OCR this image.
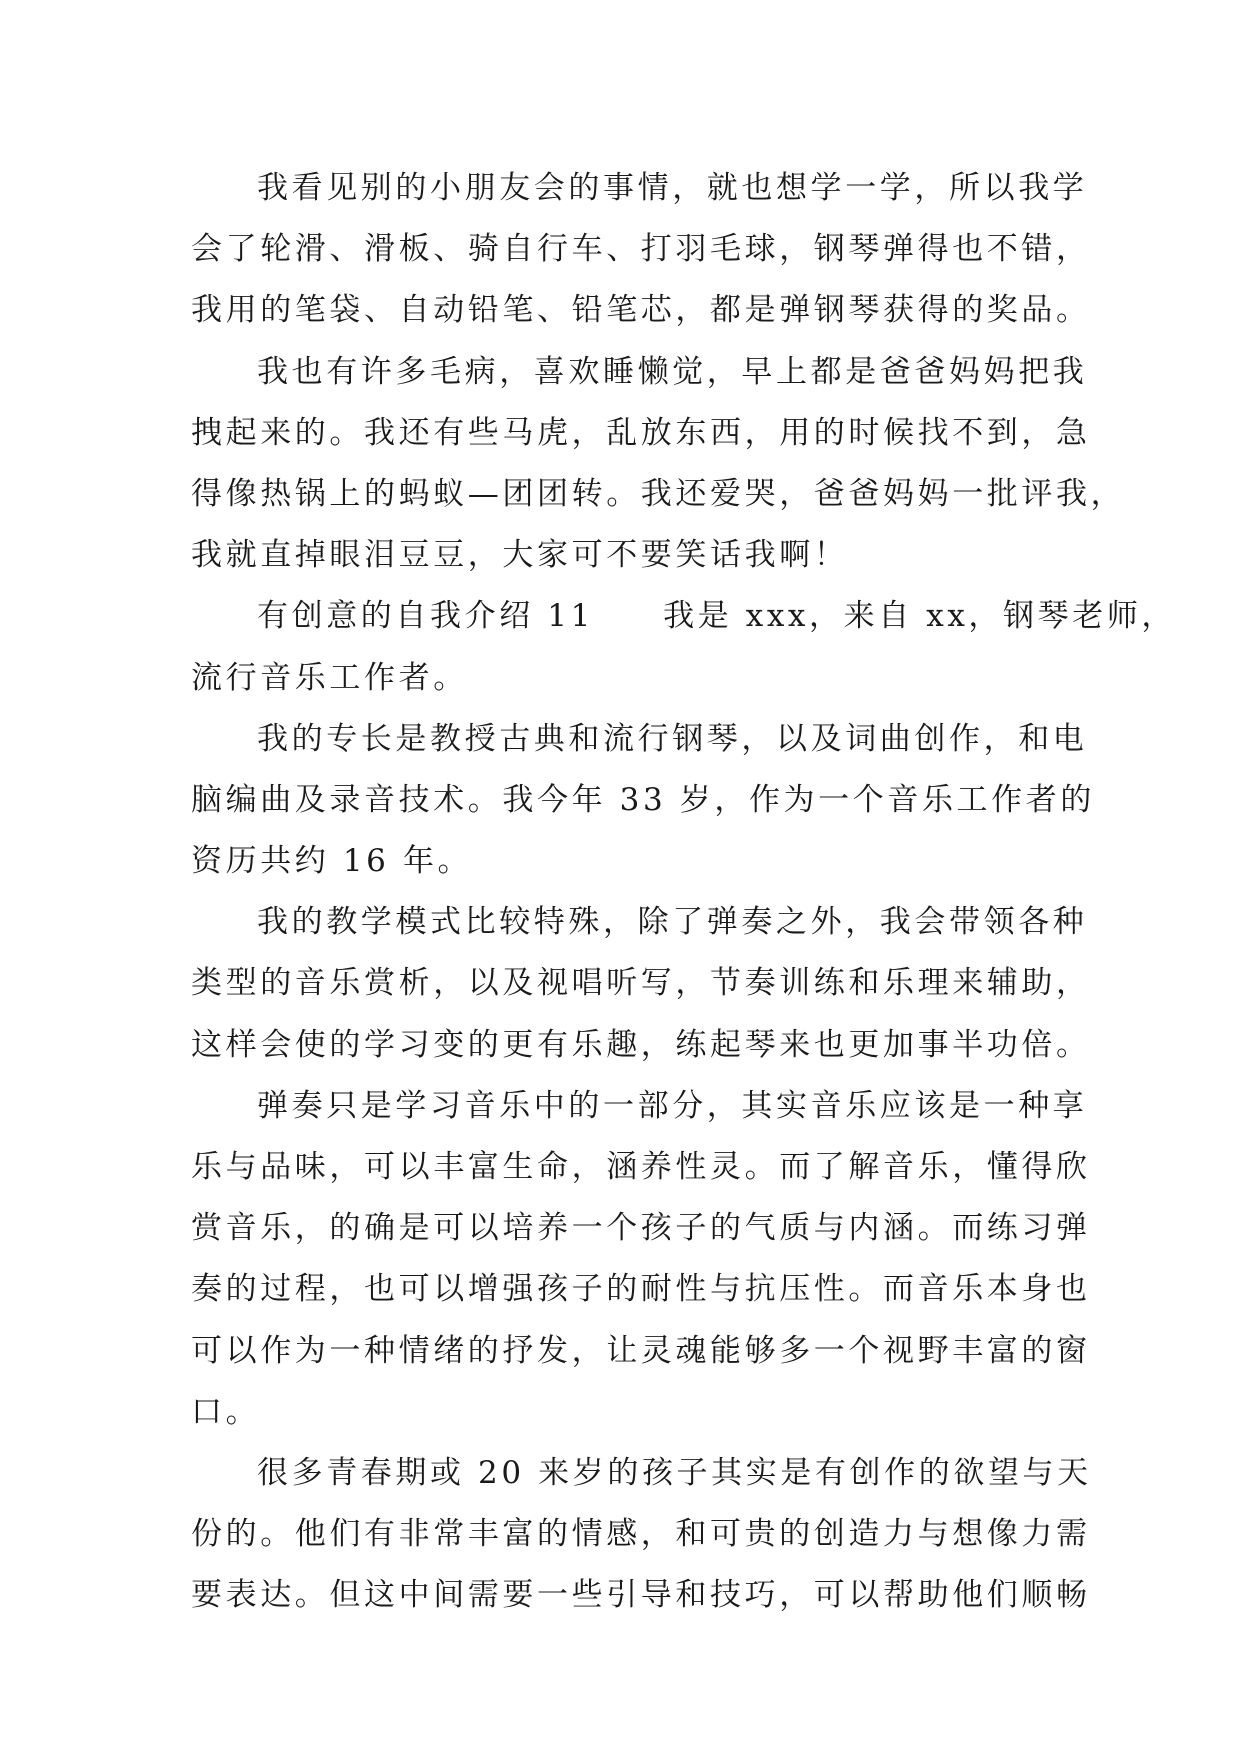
我看见别的小朋友会的事情，就也想学一学，所以我学
会了轮滑、滑板、骑自行车、打羽毛球，钢琴弹得也不错，
我用的笔袋、自动铅笔、铅笔芯，都是弹钢琴获得的奖品。
我也有许多毛病，喜欢睡懒觉，早上都是爸爸妈妈把我
拽起来的。我还有些马虎，乱放东西，用的时候找不到，急
得像热锅上的蚂蚁—团团转。我还爱哭，爸爸妈妈一批评我，
我就直掉眼泪豆豆，大家可不要笑话我啊！
有创意的自我介绍 11　　我是 xxx，来自 xx，钢琴老师，
流行音乐工作者。
我的专长是教授古典和流行钢琴，以及词曲创作，和电
脑编曲及录音技术。我今年 33 岁，作为一个音乐工作者的
资历共约 16 年。
我的教学模式比较特殊，除了弹奏之外，我会带领各种
类型的音乐赏析，以及视唱听写，节奏训练和乐理来辅助，
这样会使的学习变的更有乐趣，练起琴来也更加事半功倍。
弹奏只是学习音乐中的一部分，其实音乐应该是一种享
乐与品味，可以丰富生命，涵养性灵。而了解音乐，懂得欣
赏音乐，的确是可以培养一个孩子的气质与内涵。而练习弹
奏的过程，也可以增强孩子的耐性与抗压性。而音乐本身也
可以作为一种情绪的抒发，让灵魂能够多一个视野丰富的窗
口。
很多青春期或 20 来岁的孩子其实是有创作的欲望与天
份的。他们有非常丰富的情感，和可贵的创造力与想像力需
要表达。但这中间需要一些引导和技巧，可以帮助他们顺畅
